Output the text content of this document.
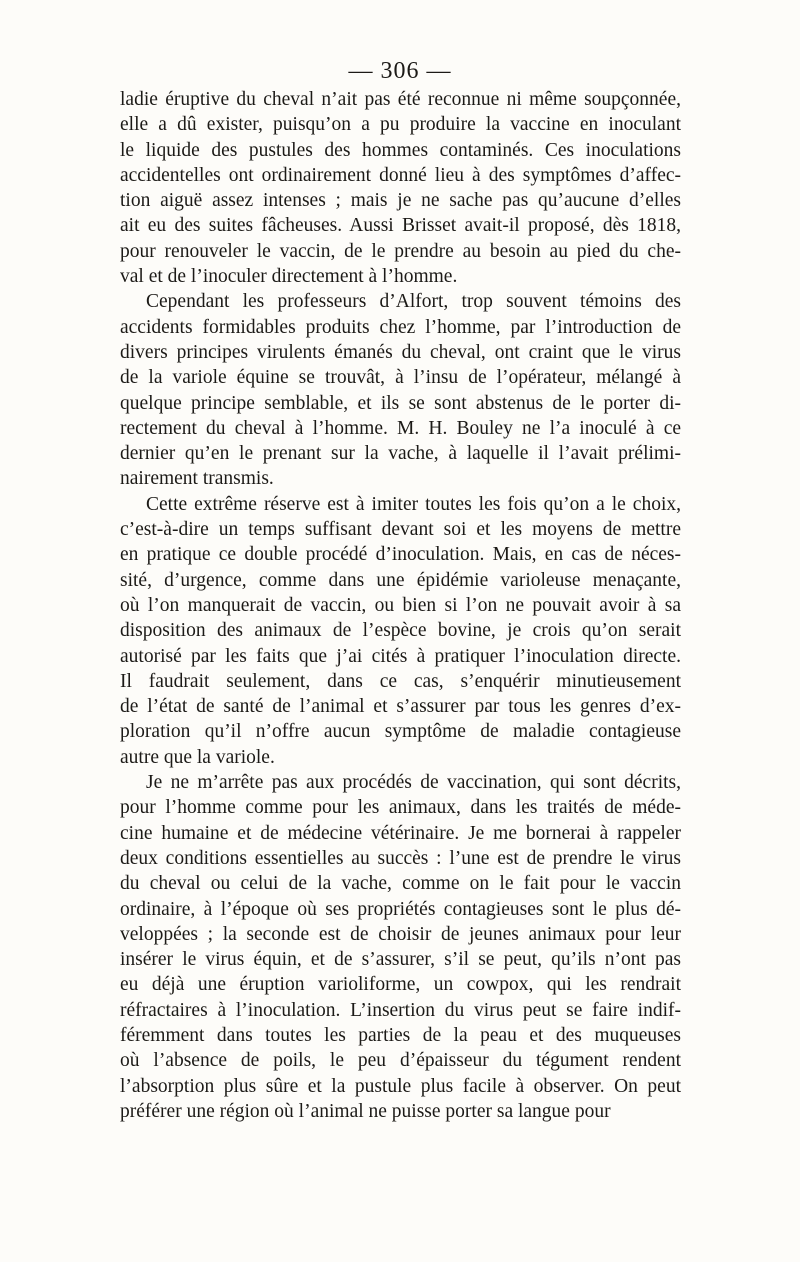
— 306 —
ladie éruptive du cheval n’ait pas été reconnue ni même soupçonnée,
elle a dû exister, puisqu’on a pu produire la vaccine en inoculant
le liquide des pustules des hommes contaminés. Ces inoculations
accidentelles ont ordinairement donné lieu à des symptômes d’affec-
tion aiguë assez intenses ; mais je ne sache pas qu’aucune d’elles
ait eu des suites fâcheuses. Aussi Brisset avait-il proposé, dès 1818,
pour renouveler le vaccin, de le prendre au besoin au pied du che-
val et de l’inoculer directement à l’homme.
Cependant les professeurs d’Alfort, trop souvent témoins des
accidents formidables produits chez l’homme, par l’introduction de
divers principes virulents émanés du cheval, ont craint que le virus
de la variole équine se trouvât, à l’insu de l’opérateur, mélangé à
quelque principe semblable, et ils se sont abstenus de le porter di-
rectement du cheval à l’homme. M. H. Bouley ne l’a inoculé à ce
dernier qu’en le prenant sur la vache, à laquelle il l’avait prélimi-
nairement transmis.
Cette extrême réserve est à imiter toutes les fois qu’on a le choix,
c’est-à-dire un temps suffisant devant soi et les moyens de mettre
en pratique ce double procédé d’inoculation. Mais, en cas de néces-
sité, d’urgence, comme dans une épidémie varioleuse menaçante,
où l’on manquerait de vaccin, ou bien si l’on ne pouvait avoir à sa
disposition des animaux de l’espèce bovine, je crois qu’on serait
autorisé par les faits que j’ai cités à pratiquer l’inoculation directe.
Il faudrait seulement, dans ce cas, s’enquérir minutieusement
de l’état de santé de l’animal et s’assurer par tous les genres d’ex-
ploration qu’il n’offre aucun symptôme de maladie contagieuse
autre que la variole.
Je ne m’arrête pas aux procédés de vaccination, qui sont décrits,
pour l’homme comme pour les animaux, dans les traités de méde-
cine humaine et de médecine vétérinaire. Je me bornerai à rappeler
deux conditions essentielles au succès : l’une est de prendre le virus
du cheval ou celui de la vache, comme on le fait pour le vaccin
ordinaire, à l’époque où ses propriétés contagieuses sont le plus dé-
veloppées ; la seconde est de choisir de jeunes animaux pour leur
insérer le virus équin, et de s’assurer, s’il se peut, qu’ils n’ont pas
eu déjà une éruption varioliforme, un cowpox, qui les rendrait
réfractaires à l’inoculation. L’insertion du virus peut se faire indif-
féremment dans toutes les parties de la peau et des muqueuses
où l’absence de poils, le peu d’épaisseur du tégument rendent
l’absorption plus sûre et la pustule plus facile à observer. On peut
préférer une région où l’animal ne puisse porter sa langue pour
